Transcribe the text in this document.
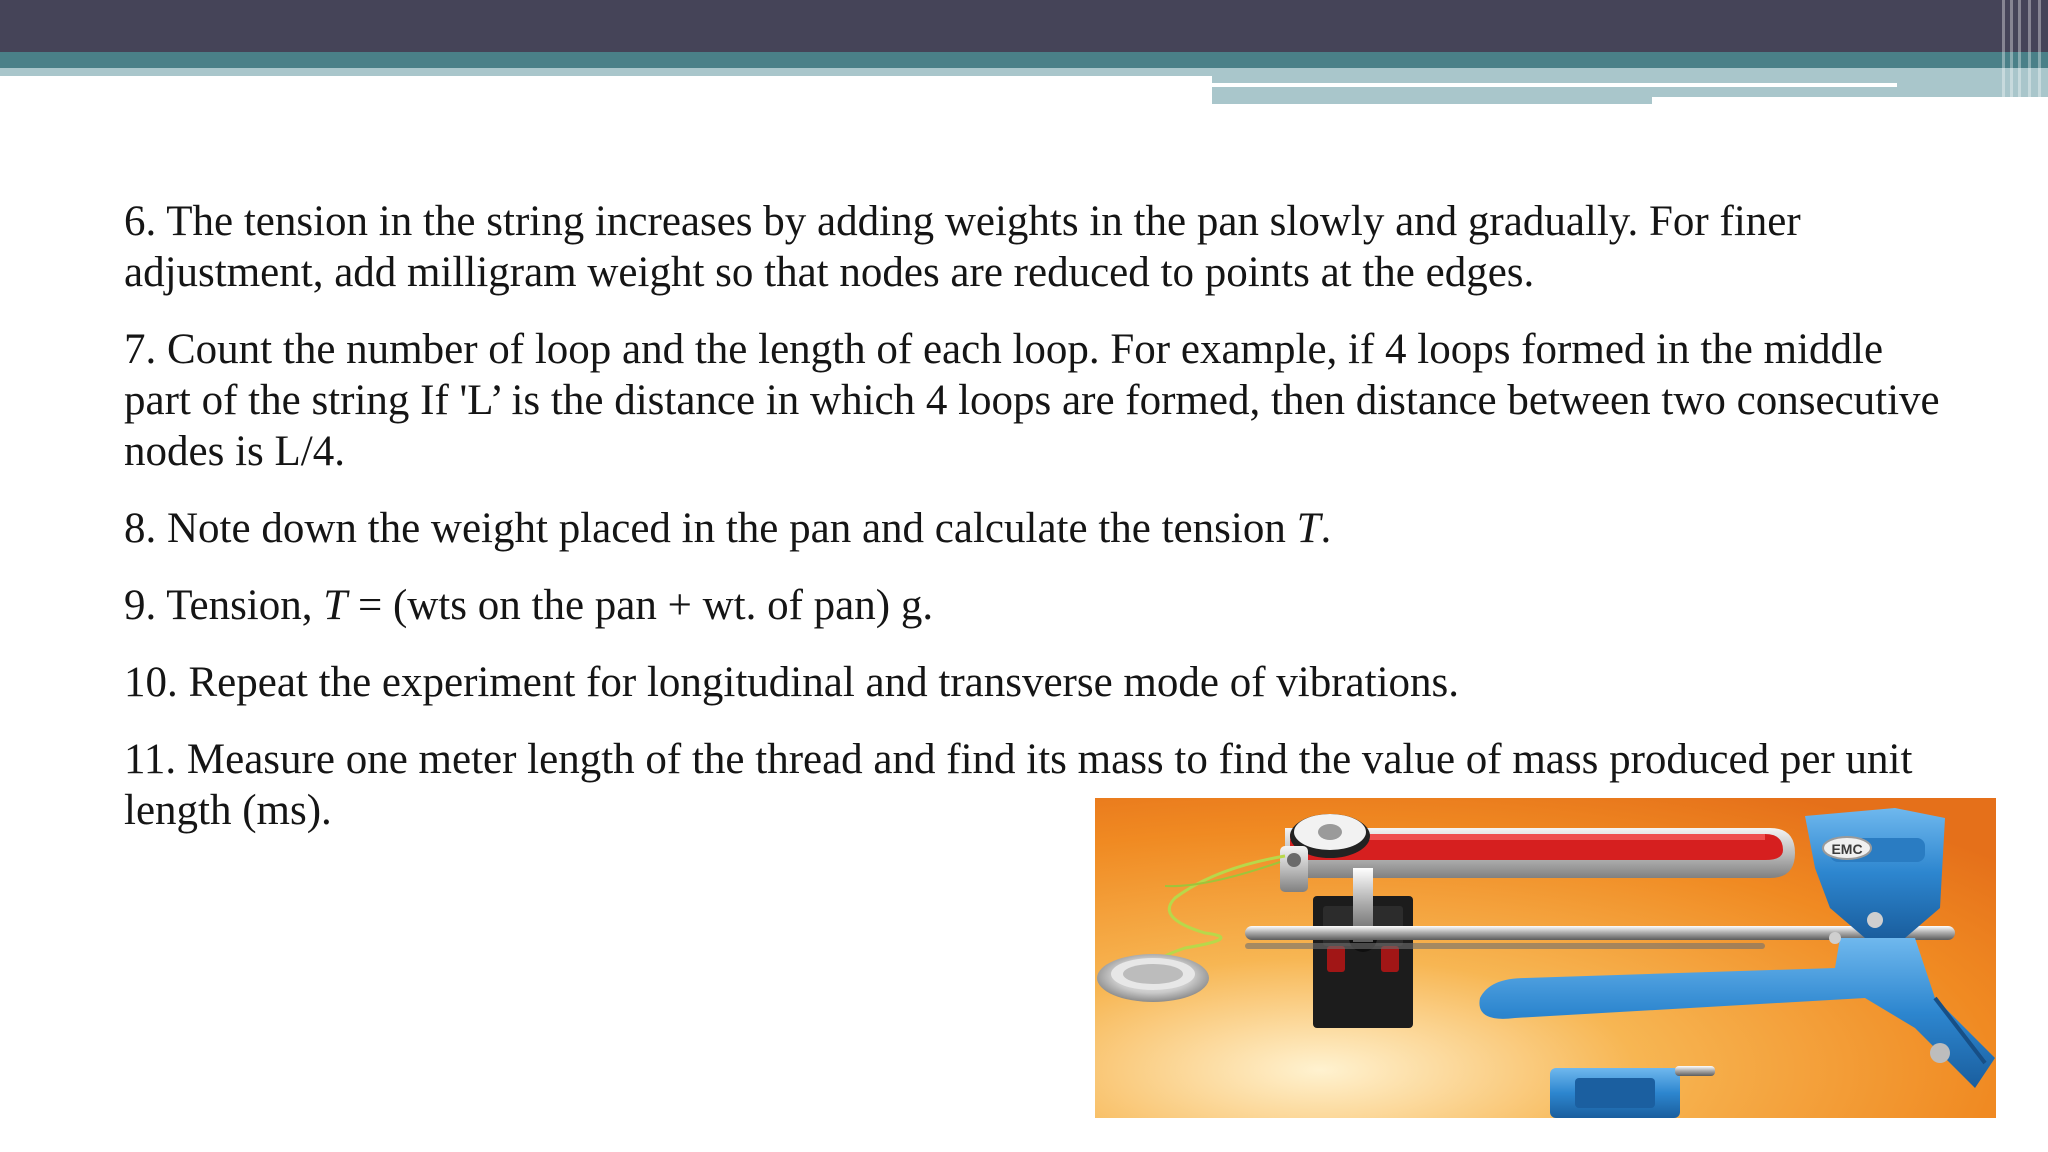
6. The tension in the string increases by adding weights in the pan slowly and gradually. For finer adjustment, add milligram weight so that nodes are reduced to points at the edges.

7. Count the number of loop and the length of each loop. For example, if 4 loops formed in the middle part of the string If 'L’ is the distance in which 4 loops are formed, then distance between two consecutive nodes is L/4.

8. Note down the weight placed in the pan and calculate the tension T.

9. Tension, T = (wts on the pan + wt. of pan) g.

10. Repeat the experiment for longitudinal and transverse mode of vibrations.

11. Measure one meter length of the thread and find its mass to find the value of mass produced per unit length (ms).

EMC
